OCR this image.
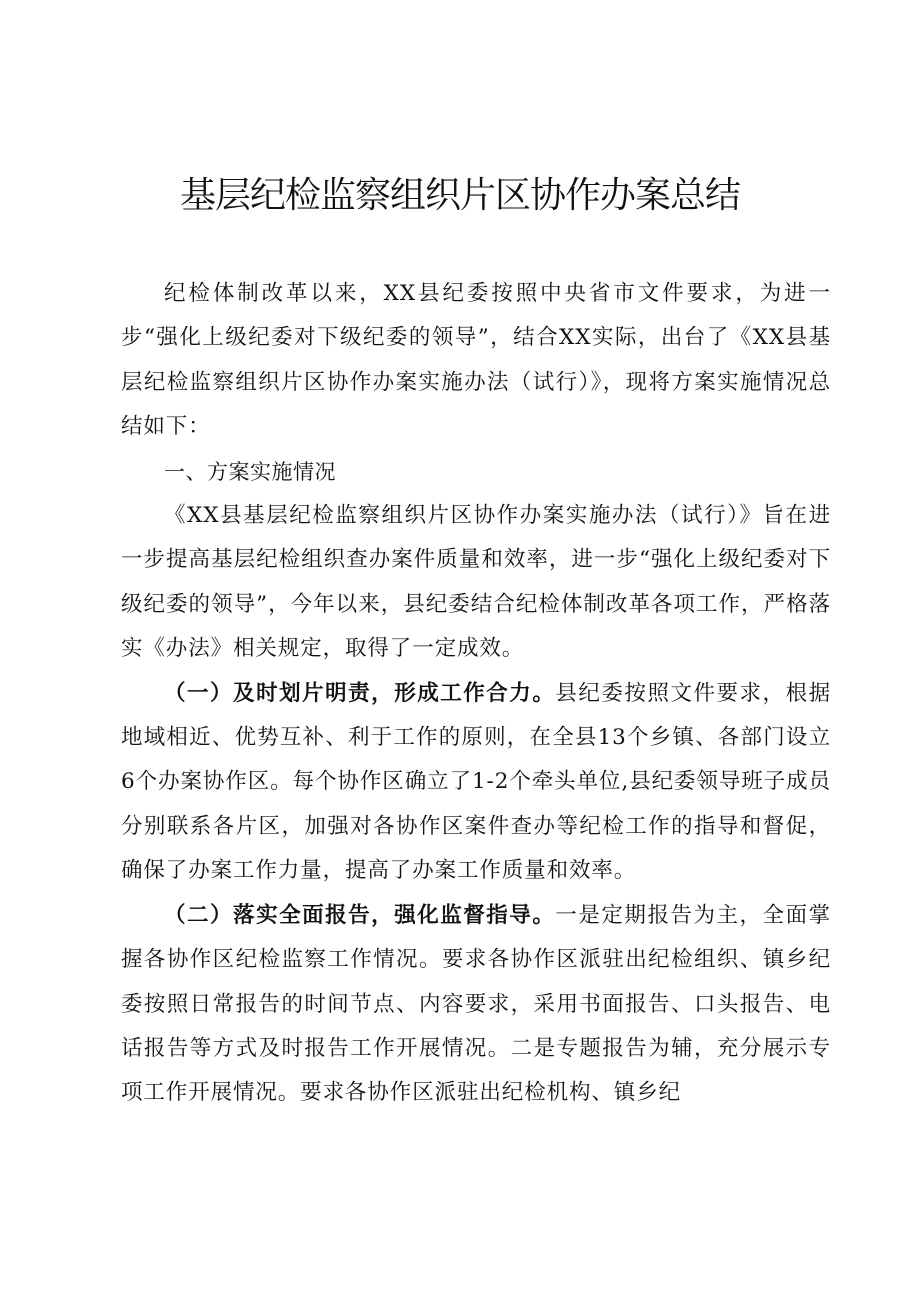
基层纪检监察组织片区协作办案总结

纪检体制改革以来，XX县纪委按照中央省市文件要求，为进一步“强化上级纪委对下级纪委的领导”，结合XX实际，出台了《XX县基层纪检监察组织片区协作办案实施办法（试行）》，现将方案实施情况总结如下：

一、方案实施情况

《XX县基层纪检监察组织片区协作办案实施办法（试行）》旨在进一步提高基层纪检组织查办案件质量和效率，进一步“强化上级纪委对下级纪委的领导”，今年以来，县纪委结合纪检体制改革各项工作，严格落实《办法》相关规定，取得了一定成效。

（一）及时划片明责，形成工作合力。县纪委按照文件要求，根据地域相近、优势互补、利于工作的原则，在全县13个乡镇、各部门设立6个办案协作区。每个协作区确立了1-2个牵头单位,县纪委领导班子成员分别联系各片区，加强对各协作区案件查办等纪检工作的指导和督促，确保了办案工作力量，提高了办案工作质量和效率。

（二）落实全面报告，强化监督指导。一是定期报告为主，全面掌握各协作区纪检监察工作情况。要求各协作区派驻出纪检组织、镇乡纪委按照日常报告的时间节点、内容要求，采用书面报告、口头报告、电话报告等方式及时报告工作开展情况。二是专题报告为辅，充分展示专项工作开展情况。要求各协作区派驻出纪检机构、镇乡纪
